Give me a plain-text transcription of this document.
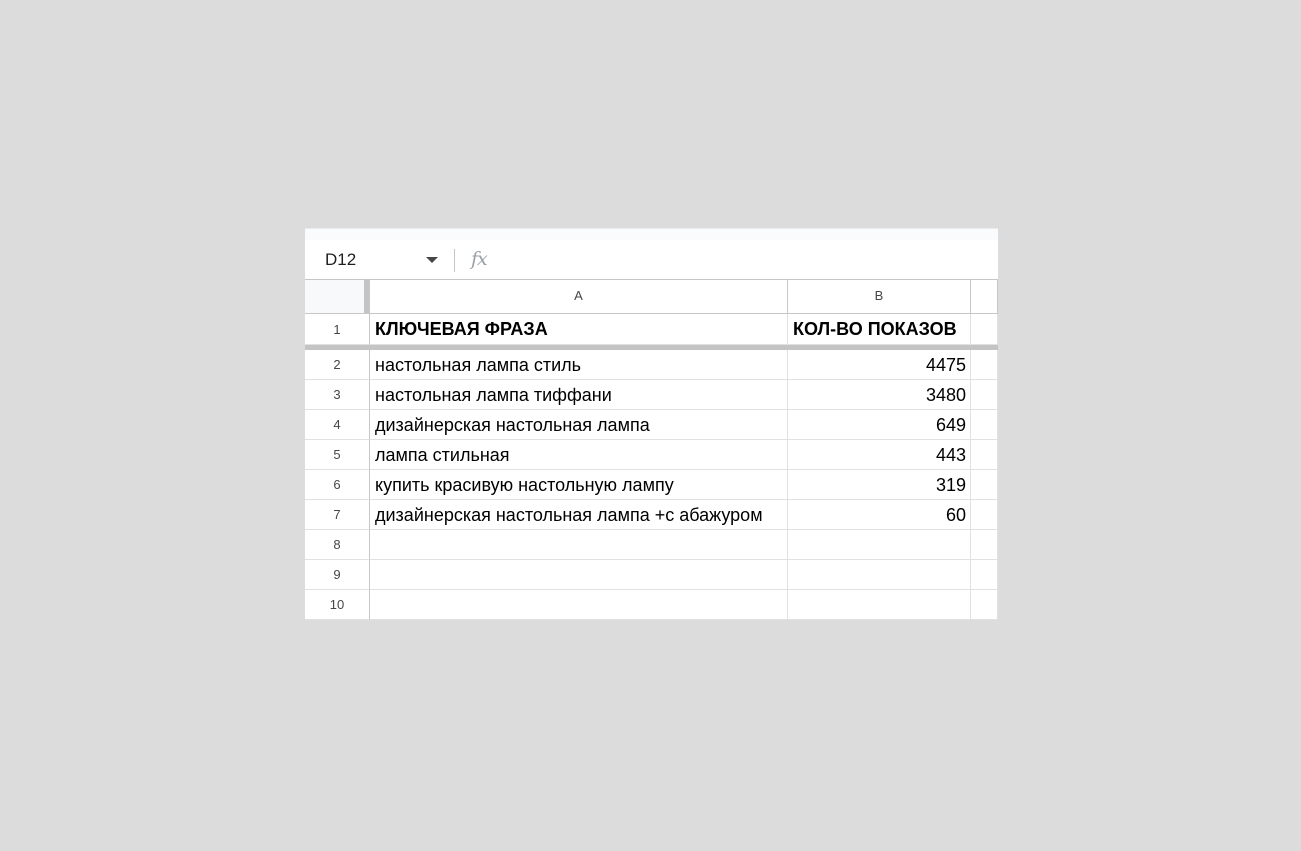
D12	fx
A	B
1	КЛЮЧЕВАЯ ФРАЗА	КОЛ-ВО ПОКАЗОВ
2	настольная лампа стиль	4475
3	настольная лампа тиффани	3480
4	дизайнерская настольная лампа	649
5	лампа стильная	443
6	купить красивую настольную лампу	319
7	дизайнерская настольная лампа +с абажуром	60
8
9
10
